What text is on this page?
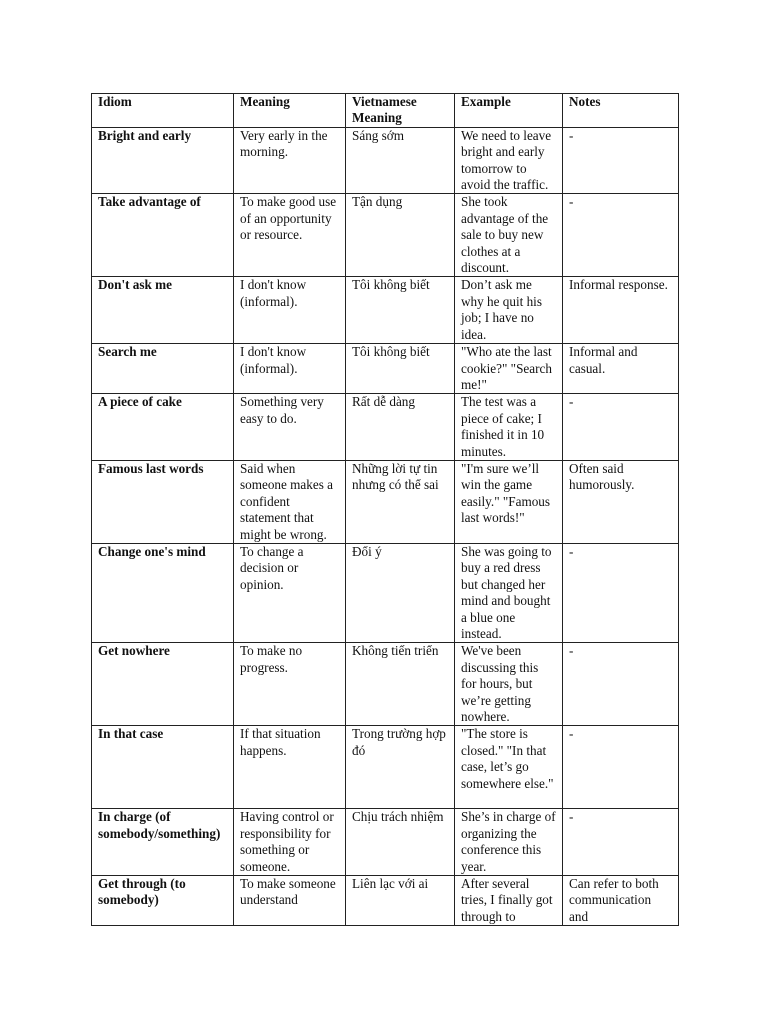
Idiom	Meaning	Vietnamese Meaning	Example	Notes
Bright and early	Very early in the morning.	Sáng sớm	We need to leave bright and early tomorrow to avoid the traffic.	-
Take advantage of	To make good use of an opportunity or resource.	Tận dụng	She took advantage of the sale to buy new clothes at a discount.	-
Don't ask me	I don't know (informal).	Tôi không biết	Don’t ask me why he quit his job; I have no idea.	Informal response.
Search me	I don't know (informal).	Tôi không biết	"Who ate the last cookie?" "Search me!"	Informal and casual.
A piece of cake	Something very easy to do.	Rất dễ dàng	The test was a piece of cake; I finished it in 10 minutes.	-
Famous last words	Said when someone makes a confident statement that might be wrong.	Những lời tự tin nhưng có thể sai	"I'm sure we’ll win the game easily." "Famous last words!"	Often said humorously.
Change one's mind	To change a decision or opinion.	Đổi ý	She was going to buy a red dress but changed her mind and bought a blue one instead.	-
Get nowhere	To make no progress.	Không tiến triển	We've been discussing this for hours, but we’re getting nowhere.	-
In that case	If that situation happens.	Trong trường hợp đó	"The store is closed." "In that case, let’s go somewhere else."	-
In charge (of somebody/something)	Having control or responsibility for something or someone.	Chịu trách nhiệm	She’s in charge of organizing the conference this year.	-
Get through (to somebody)	To make someone understand	Liên lạc với ai	After several tries, I finally got through to	Can refer to both communication and
